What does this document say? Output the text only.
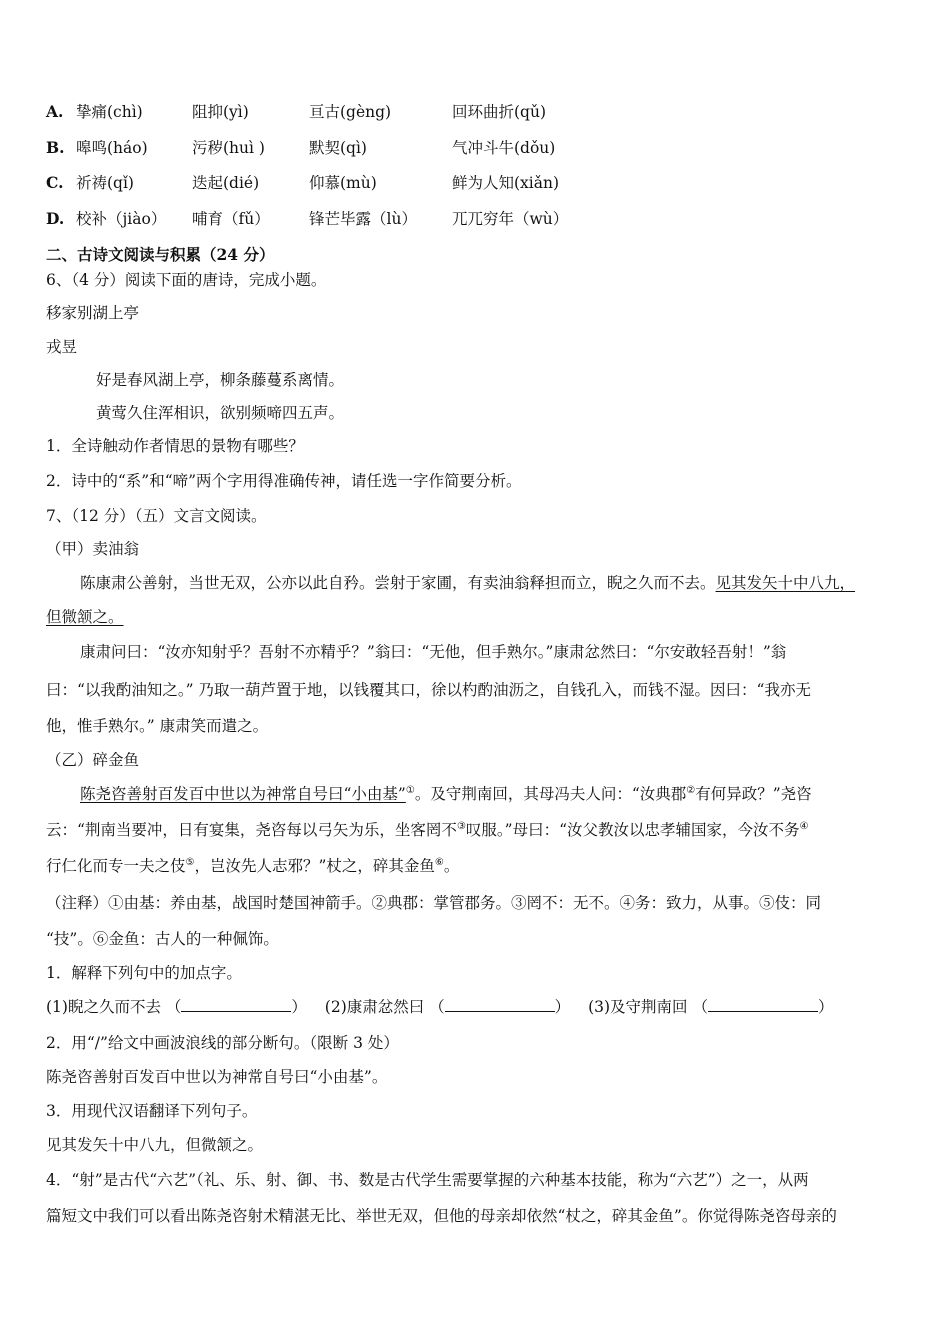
A. 挚痛(chì)	阻抑(yì)	亘古(gèng)	回环曲折(qǔ)
B. 嗥鸣(háo)	污秽(huì )	默契(qì)	气冲斗牛(dǒu)
C. 祈祷(qǐ)	迭起(dié)	仰慕(mù)	鲜为人知(xiǎn)
D. 校补（jiào） 哺育（fǔ）	锋芒毕露（lù） 兀兀穷年（wù）
二、古诗文阅读与积累（24 分）
6、（4 分）阅读下面的唐诗，完成小题。
移家别湖上亭
戎昱
好是春风湖上亭，柳条藤蔓系离情。
黄莺久住浑相识，欲别频啼四五声。
1．全诗触动作者情思的景物有哪些？
2．诗中的“系”和“啼”两个字用得准确传神，请任选一字作简要分析。
7、（12 分）（五）文言文阅读。
（甲）卖油翁
陈康肃公善射，当世无双，公亦以此自矜。尝射于家圃，有卖油翁释担而立，睨之久而不去。见其发矢十中八九，
但微颔之。
康肃问曰：“汝亦知射乎？吾射不亦精乎？”翁曰：“无他，但手熟尔。”康肃忿然曰：“尔安敢轻吾射！”翁
曰：“以我酌油知之。” 乃取一葫芦置于地，以钱覆其口，徐以杓酌油沥之，自钱孔入，而钱不湿。因曰：“我亦无
他，惟手熟尔。” 康肃笑而遣之。
（乙）碎金鱼
陈尧咨善射百发百中世以为神常自号曰“小由基”①。及守荆南回，其母冯夫人问：“汝典郡②有何异政？”尧咨
云：“荆南当要冲，日有宴集，尧咨每以弓矢为乐，坐客罔不③叹服。”母曰：“汝父教汝以忠孝辅国家，今汝不务④
行仁化而专一夫之伎⑤，岂汝先人志邪？”杖之，碎其金鱼⑥。
（注释）①由基：养由基，战国时楚国神箭手。②典郡：掌管郡务。③罔不：无不。④务：致力，从事。⑤伎：同
“技”。⑥金鱼：古人的一种佩饰。
1．解释下列句中的加点字。
(1)睨之久而不去 （	） (2)康肃忿然曰 （	） (3)及守荆南回 （	）
2．用“/”给文中画波浪线的部分断句。（限断 3 处）
陈尧咨善射百发百中世以为神常自号曰“小由基”。
3．用现代汉语翻译下列句子。
见其发矢十中八九，但微颔之。
4．“射”是古代“六艺”（礼、乐、射、御、书、数是古代学生需要掌握的六种基本技能，称为“六艺”）之一，从两
篇短文中我们可以看出陈尧咨射术精湛无比、举世无双，但他的母亲却依然“杖之，碎其金鱼”。你觉得陈尧咨母亲的
